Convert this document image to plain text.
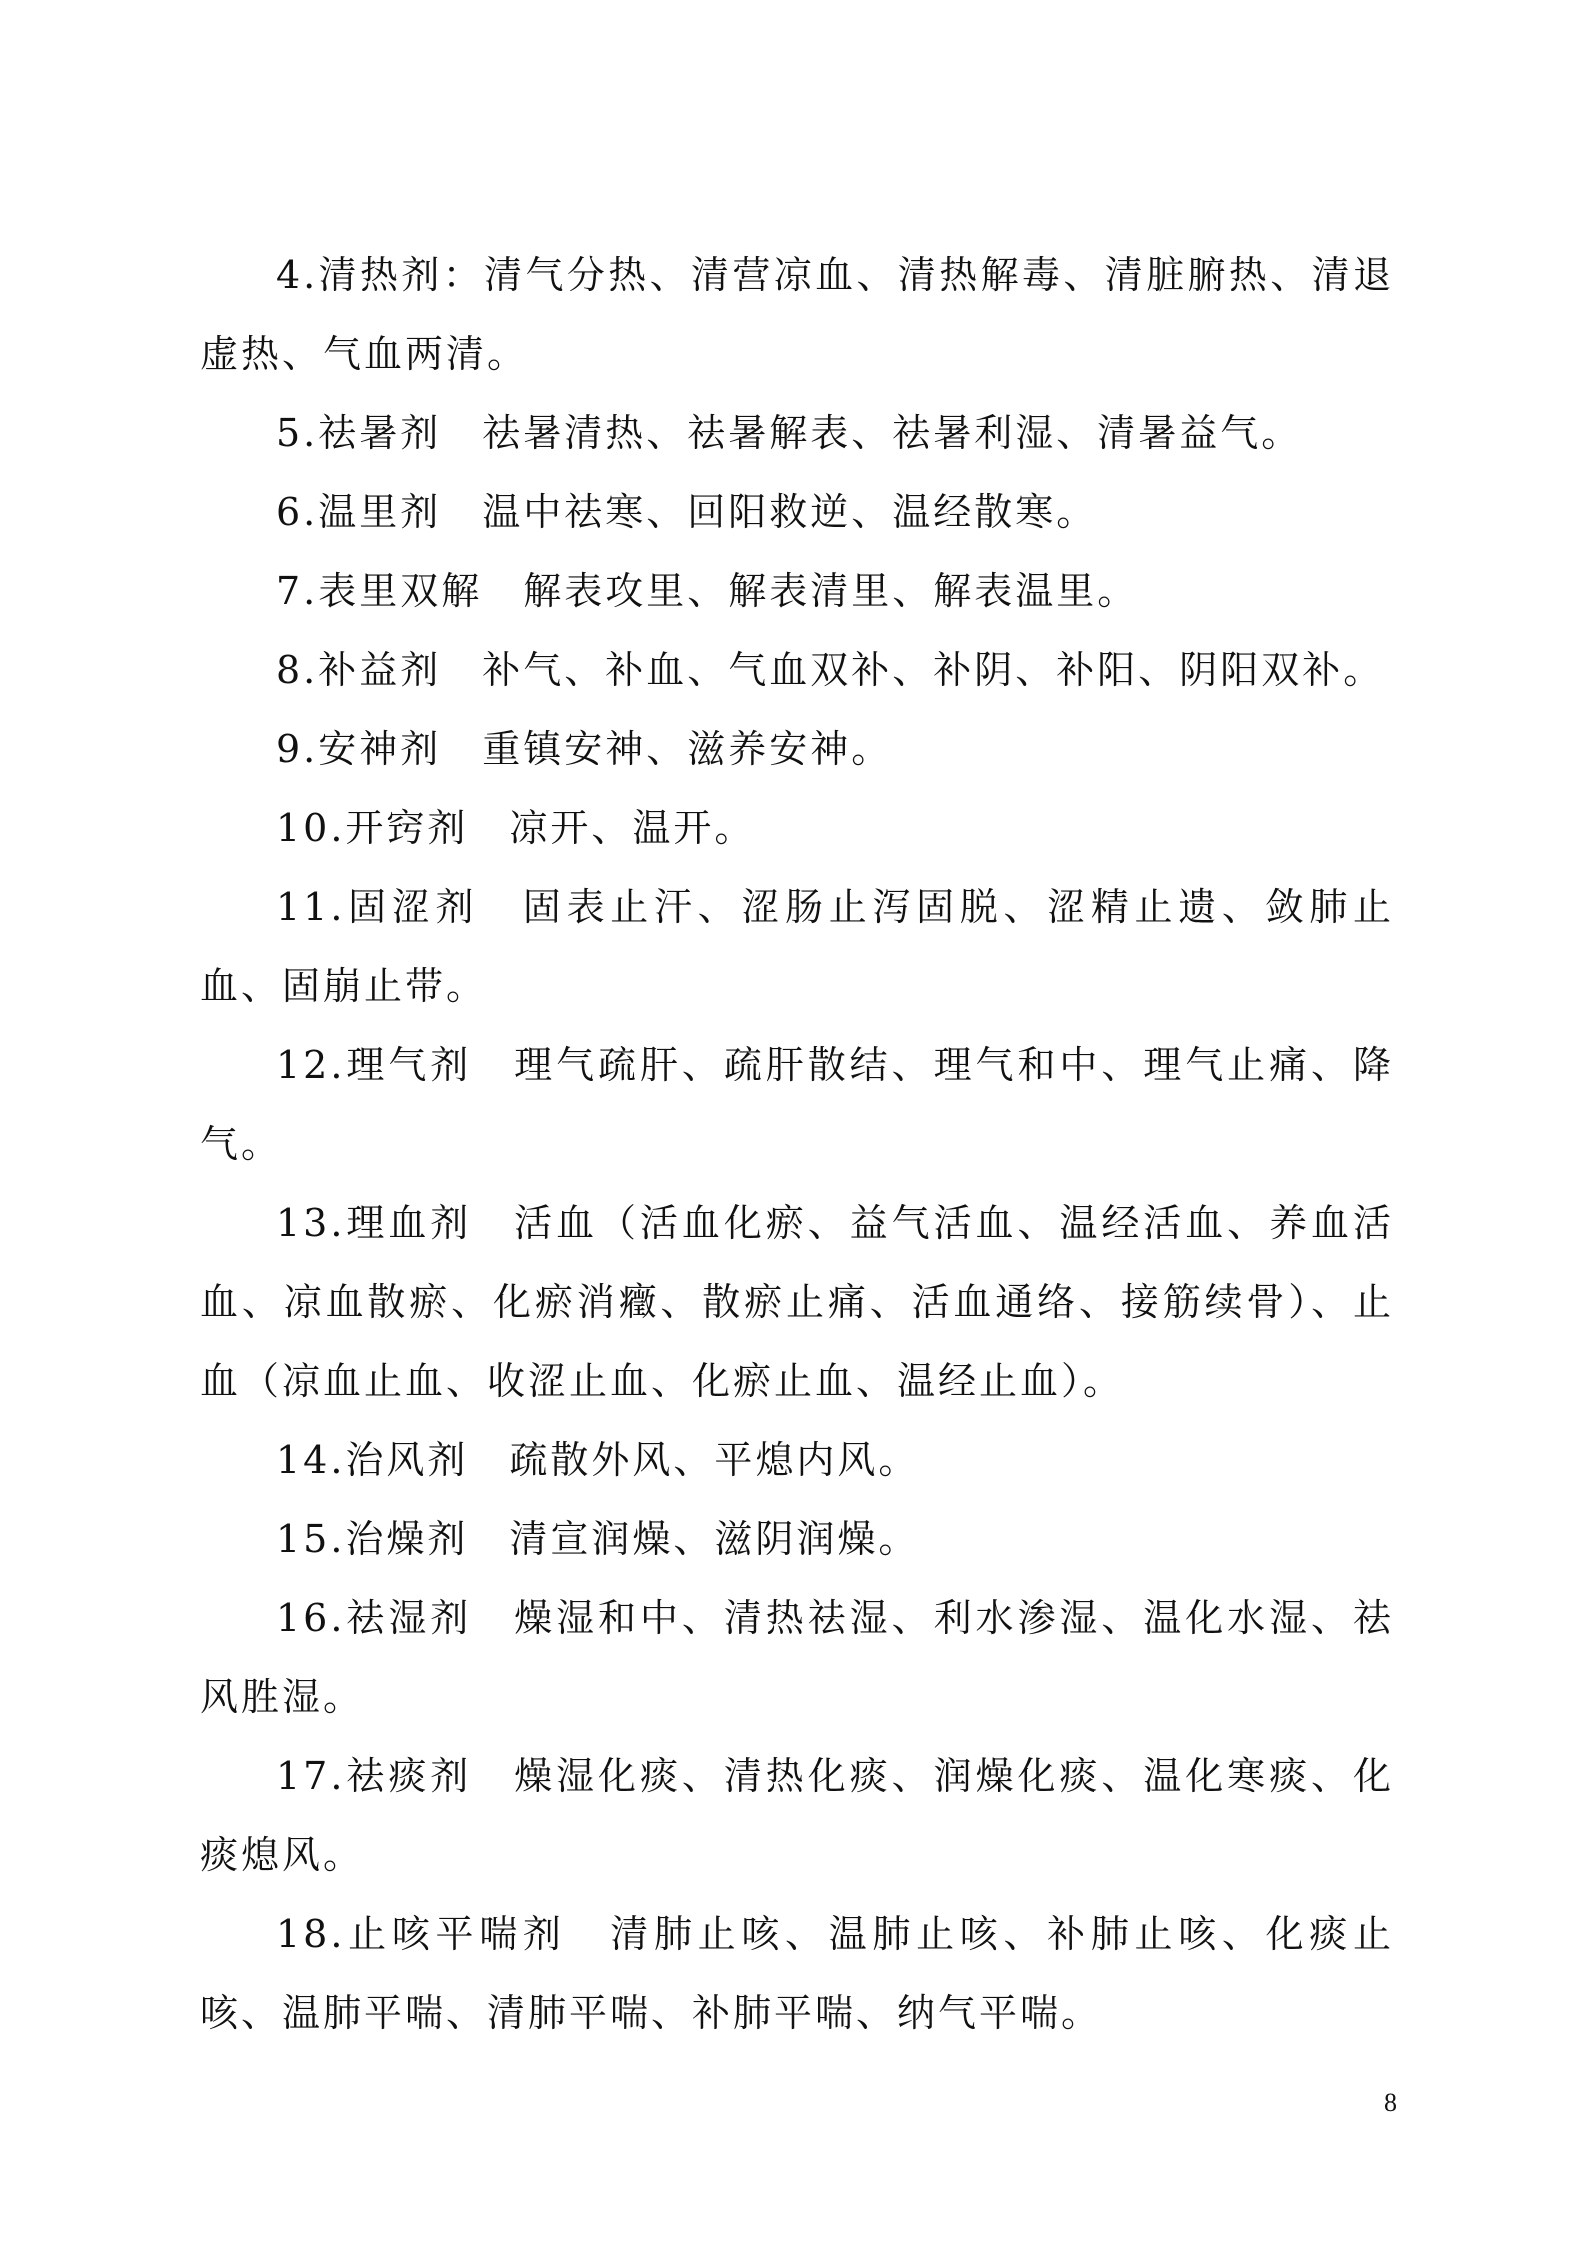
4.清热剂：清气分热、清营凉血、清热解毒、清脏腑热、清退虚热、气血两清。

5.祛暑剂　祛暑清热、祛暑解表、祛暑利湿、清暑益气。

6.温里剂　温中祛寒、回阳救逆、温经散寒。

7.表里双解　解表攻里、解表清里、解表温里。

8.补益剂　补气、补血、气血双补、补阴、补阳、阴阳双补。

9.安神剂　重镇安神、滋养安神。

10.开窍剂　凉开、温开。

11.固涩剂　固表止汗、涩肠止泻固脱、涩精止遗、敛肺止血、固崩止带。

12.理气剂　理气疏肝、疏肝散结、理气和中、理气止痛、降气。

13.理血剂　活血（活血化瘀、益气活血、温经活血、养血活血、凉血散瘀、化瘀消癥、散瘀止痛、活血通络、接筋续骨）、止血（凉血止血、收涩止血、化瘀止血、温经止血）。

14.治风剂　疏散外风、平熄内风。

15.治燥剂　清宣润燥、滋阴润燥。

16.祛湿剂　燥湿和中、清热祛湿、利水渗湿、温化水湿、祛风胜湿。

17.祛痰剂　燥湿化痰、清热化痰、润燥化痰、温化寒痰、化痰熄风。

18.止咳平喘剂　清肺止咳、温肺止咳、补肺止咳、化痰止咳、温肺平喘、清肺平喘、补肺平喘、纳气平喘。

8
